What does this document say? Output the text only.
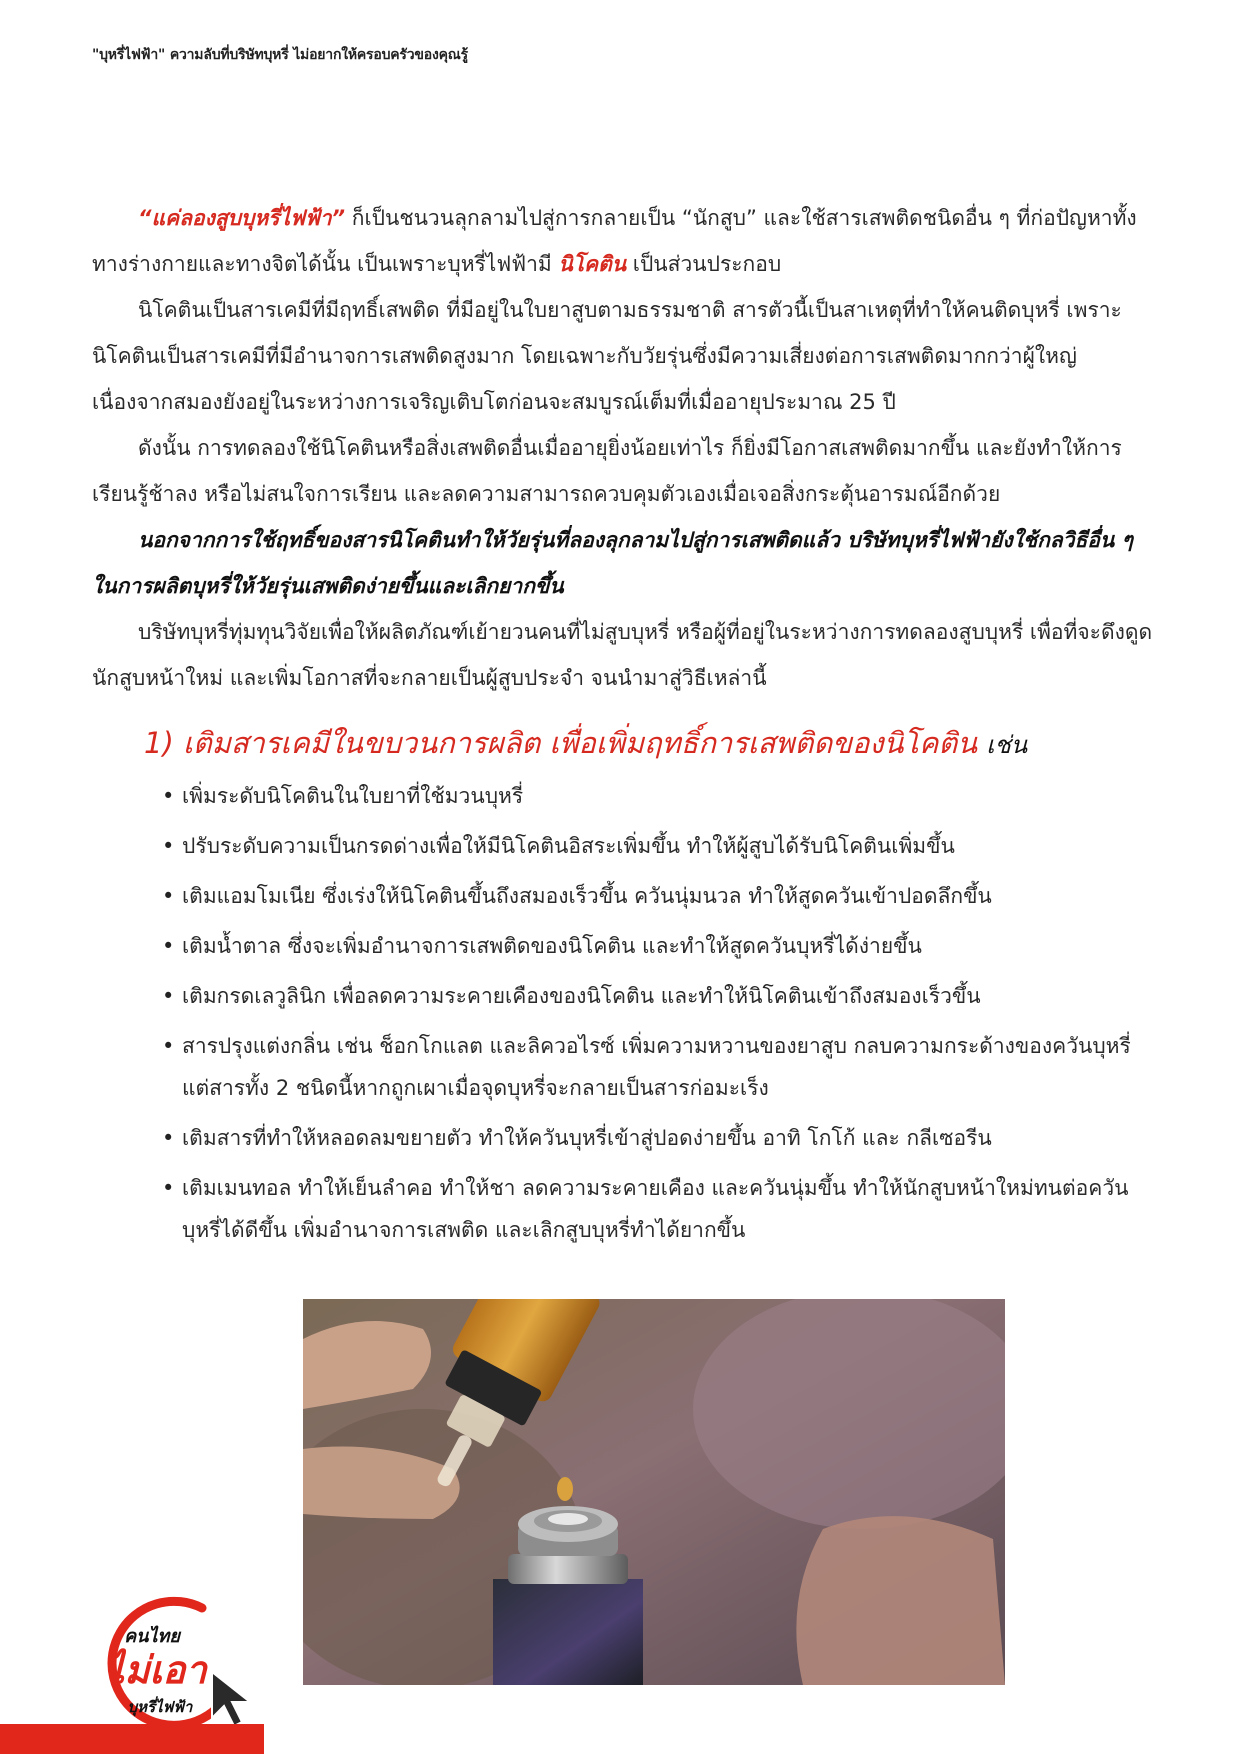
"บุหรี่ไฟฟ้า" ความลับที่บริษัทบุหรี่ ไม่อยากให้ครอบครัวของคุณรู้

“แค่ลองสูบบุหรี่ไฟฟ้า” ก็เป็นชนวนลุกลามไปสู่การกลายเป็น “นักสูบ” และใช้สารเสพติดชนิดอื่น ๆ ที่ก่อปัญหาทั้งทางร่างกายและทางจิตได้นั้น เป็นเพราะบุหรี่ไฟฟ้ามี นิโคติน เป็นส่วนประกอบ

นิโคตินเป็นสารเคมีที่มีฤทธิ์เสพติด ที่มีอยู่ในใบยาสูบตามธรรมชาติ สารตัวนี้เป็นสาเหตุที่ทำให้คนติดบุหรี่ เพราะนิโคตินเป็นสารเคมีที่มีอำนาจการเสพติดสูงมาก โดยเฉพาะกับวัยรุ่นซึ่งมีความเสี่ยงต่อการเสพติดมากกว่าผู้ใหญ่ เนื่องจากสมองยังอยู่ในระหว่างการเจริญเติบโตก่อนจะสมบูรณ์เต็มที่เมื่ออายุประมาณ 25 ปี

ดังนั้น การทดลองใช้นิโคตินหรือสิ่งเสพติดอื่นเมื่ออายุยิ่งน้อยเท่าไร ก็ยิ่งมีโอกาสเสพติดมากขึ้น และยังทำให้การเรียนรู้ช้าลง หรือไม่สนใจการเรียน และลดความสามารถควบคุมตัวเองเมื่อเจอสิ่งกระตุ้นอารมณ์อีกด้วย

นอกจากการใช้ฤทธิ์ของสารนิโคตินทำให้วัยรุ่นที่ลองลุกลามไปสู่การเสพติดแล้ว บริษัทบุหรี่ไฟฟ้ายังใช้กลวิธีอื่น ๆ ในการผลิตบุหรี่ให้วัยรุ่นเสพติดง่ายขึ้นและเลิกยากขึ้น

บริษัทบุหรี่ทุ่มทุนวิจัยเพื่อให้ผลิตภัณฑ์เย้ายวนคนที่ไม่สูบบุหรี่ หรือผู้ที่อยู่ในระหว่างการทดลองสูบบุหรี่ เพื่อที่จะดึงดูดนักสูบหน้าใหม่ และเพิ่มโอกาสที่จะกลายเป็นผู้สูบประจำ จนนำมาสู่วิธีเหล่านี้

1) เติมสารเคมีในขบวนการผลิต เพื่อเพิ่มฤทธิ์การเสพติดของนิโคติน เช่น
• เพิ่มระดับนิโคตินในใบยาที่ใช้มวนบุหรี่
• ปรับระดับความเป็นกรดด่างเพื่อให้มีนิโคตินอิสระเพิ่มขึ้น ทำให้ผู้สูบได้รับนิโคตินเพิ่มขึ้น
• เติมแอมโมเนีย ซึ่งเร่งให้นิโคตินขึ้นถึงสมองเร็วขึ้น ควันนุ่มนวล ทำให้สูดควันเข้าปอดลึกขึ้น
• เติมน้ำตาล ซึ่งจะเพิ่มอำนาจการเสพติดของนิโคติน และทำให้สูดควันบุหรี่ได้ง่ายขึ้น
• เติมกรดเลวูลินิก เพื่อลดความระคายเคืองของนิโคติน และทำให้นิโคตินเข้าถึงสมองเร็วขึ้น
• สารปรุงแต่งกลิ่น เช่น ช็อกโกแลต และลิควอไรซ์ เพิ่มความหวานของยาสูบ กลบความกระด้างของควันบุหรี่ แต่สารทั้ง 2 ชนิดนี้หากถูกเผาเมื่อจุดบุหรี่จะกลายเป็นสารก่อมะเร็ง
• เติมสารที่ทำให้หลอดลมขยายตัว ทำให้ควันบุหรี่เข้าสู่ปอดง่ายขึ้น อาทิ โกโก้ และ กลีเซอรีน
• เติมเมนทอล ทำให้เย็นลำคอ ทำให้ชา ลดความระคายเคือง และควันนุ่มขึ้น ทำให้นักสูบหน้าใหม่ทนต่อควันบุหรี่ได้ดีขึ้น เพิ่มอำนาจการเสพติด และเลิกสูบบุหรี่ทำได้ยากขึ้น
คนไทย
ไม่เอา
บุหรี่ไฟฟ้า
